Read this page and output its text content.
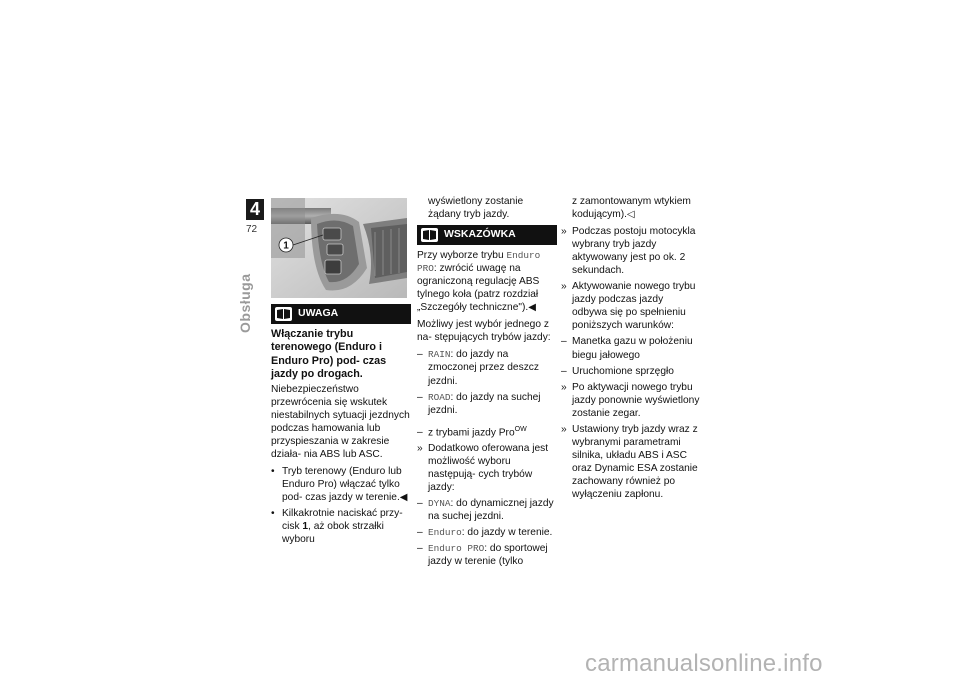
4
72
Obsługa
1
UWAGA
Włączanie trybu terenowego (Enduro i Enduro Pro) pod- czas jazdy po drogach.

Niebezpieczeństwo przewrócenia się wskutek niestabilnych sytuacji jezdnych podczas hamowania lub przyspieszania w zakresie działa- nia ABS lub ASC.

• Tryb terenowy (Enduro lub Enduro Pro) włączać tylko pod- czas jazdy w terenie.◀
• Kilkakrotnie naciskać przy- cisk 1, aż obok strzałki wyboru

wyświetlony zostanie żądany tryb jazdy.

WSKAZÓWKA

Przy wyborze trybu Enduro PRO: zwrócić uwagę na ograniczoną regulację ABS tylnego koła (patrz rozdział „Szczegóły techniczne").◀

Możliwy jest wybór jednego z na- stępujących trybów jazdy:

– RAIN: do jazdy na zmoczonej przez deszcz jezdni.
– ROAD: do jazdy na suchej jezdni.
– z trybami jazdy Pro$^{OW}$
» Dodatkowo oferowana jest możliwość wyboru następują- cych trybów jazdy:
– DYNA: do dynamicznej jazdy na suchej jezdni.
– Enduro: do jazdy w terenie.
– Enduro PRO: do sportowej jazdy w terenie (tylko

z zamontowanym wtykiem kodującym).◁

» Podczas postoju motocykla wybrany tryb jazdy aktywowany jest po ok. 2 sekundach.
» Aktywowanie nowego trybu jazdy podczas jazdy odbywa się po spełnieniu poniższych warunków:
– Manetka gazu w położeniu biegu jałowego
– Uruchomione sprzęgło
» Po aktywacji nowego trybu jazdy ponownie wyświetlony zostanie zegar.
» Ustawiony tryb jazdy wraz z wybranymi parametrami silnika, układu ABS i ASC oraz Dynamic ESA zostanie zachowany również po wyłączeniu zapłonu.
carmanualsonline.info
